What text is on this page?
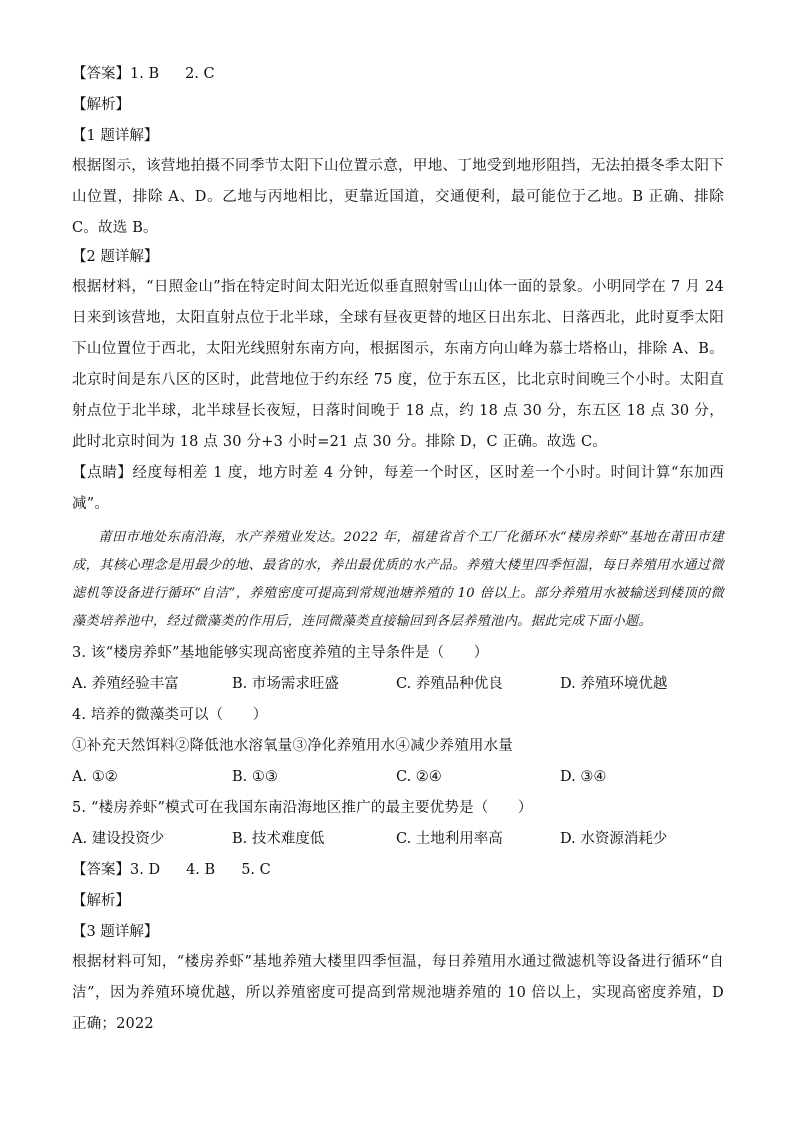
【答案】1. B 2. C

【解析】

【1 题详解】

根据图示，该营地拍摄不同季节太阳下山位置示意，甲地、丁地受到地形阻挡，无法拍摄冬季太阳下山位置，排除 A、D。乙地与丙地相比，更靠近国道，交通便利，最可能位于乙地。B 正确、排除 C。故选 B。

【2 题详解】

根据材料，“日照金山”指在特定时间太阳光近似垂直照射雪山山体一面的景象。小明同学在 7 月 24 日来到该营地，太阳直射点位于北半球，全球有昼夜更替的地区日出东北、日落西北，此时夏季太阳下山位置位于西北，太阳光线照射东南方向，根据图示，东南方向山峰为慕士塔格山，排除 A、B。北京时间是东八区的区时，此营地位于约东经 75 度，位于东五区，比北京时间晚三个小时。太阳直射点位于北半球，北半球昼长夜短，日落时间晚于 18 点，约 18 点 30 分，东五区 18 点 30 分，此时北京时间为 18 点 30 分+3 小时=21 点 30 分。排除 D，C 正确。故选 C。

【点睛】经度每相差 1 度，地方时差 4 分钟，每差一个时区，区时差一个小时。时间计算“东加西减”。

莆田市地处东南沿海，水产养殖业发达。2022 年，福建省首个工厂化循环水“楼房养虾”基地在莆田市建成，其核心理念是用最少的地、最省的水，养出最优质的水产品。养殖大楼里四季恒温，每日养殖用水通过微滤机等设备进行循环“自洁”，养殖密度可提高到常规池塘养殖的 10 倍以上。部分养殖用水被输送到楼顶的微藻类培养池中，经过微藻类的作用后，连同微藻类直接输回到各层养殖池内。据此完成下面小题。

3. 该“楼房养虾”基地能够实现高密度养殖的主导条件是（　　）

A. 养殖经验丰富	B. 市场需求旺盛	C. 养殖品种优良	D. 养殖环境优越

4. 培养的微藻类可以（　　）

①补充天然饵料②降低池水溶氧量③净化养殖用水④减少养殖用水量

A. ①②	B. ①③	C. ②④	D. ③④

5. “楼房养虾”模式可在我国东南沿海地区推广的最主要优势是（　　）

A. 建设投资少	B. 技术难度低	C. 土地利用率高	D. 水资源消耗少

【答案】3. D 4. B 5. C

【解析】

【3 题详解】

根据材料可知，“楼房养虾”基地养殖大楼里四季恒温，每日养殖用水通过微滤机等设备进行循环“自洁”，因为养殖环境优越，所以养殖密度可提高到常规池塘养殖的 10 倍以上，实现高密度养殖，D 正确；2022
